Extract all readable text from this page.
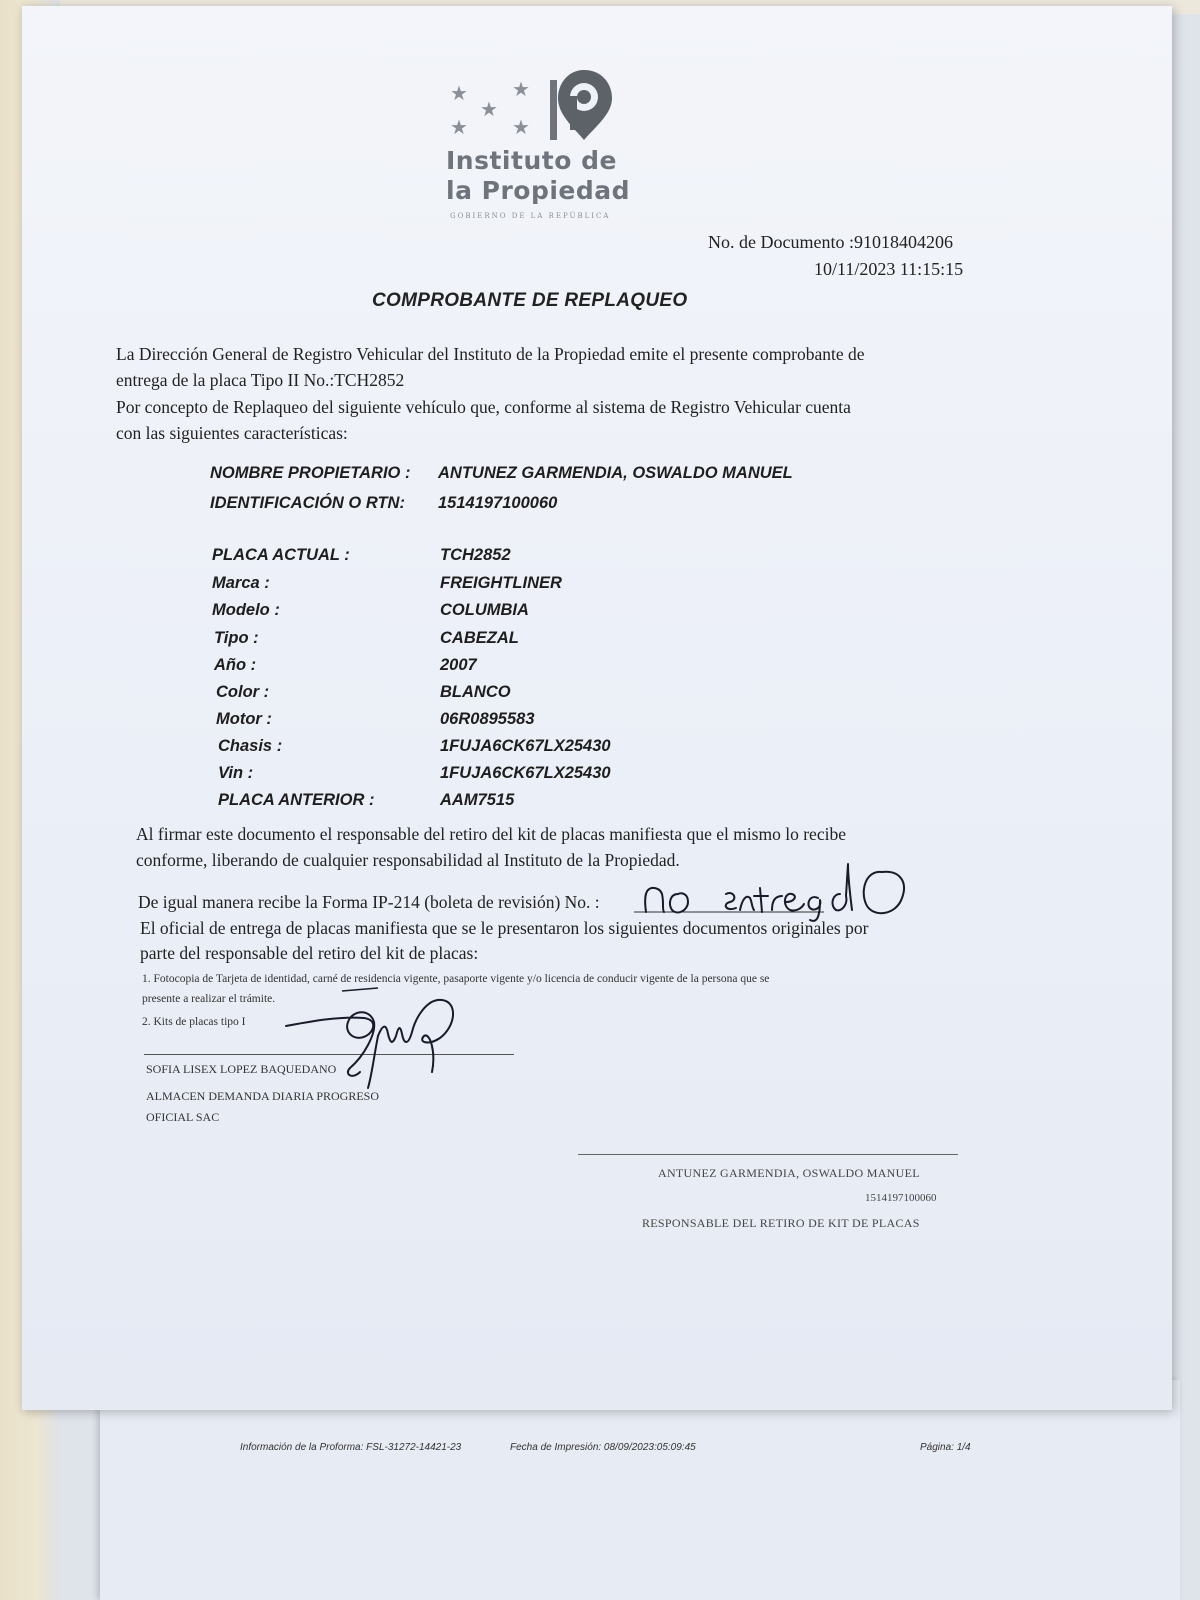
Información de la Proforma: FSL-31272-14421-23	Fecha de Impresión: 08/09/2023:05:09:45	Página: 1/4
★ ★
★
★ ★
Instituto de
la Propiedad
GOBIERNO DE LA REPÚBLICA
No. de Documento :91018404206
10/11/2023 11:15:15
COMPROBANTE DE REPLAQUEO
La Dirección General de Registro Vehicular del Instituto de la Propiedad emite el presente comprobante de
entrega de la placa Tipo II No.:TCH2852
Por concepto de Replaqueo del siguiente vehículo que, conforme al sistema de Registro Vehicular cuenta
con las siguientes características:
NOMBRE PROPIETARIO : ANTUNEZ GARMENDIA, OSWALDO MANUEL
IDENTIFICACIÓN O RTN: 1514197100060
PLACA ACTUAL :	TCH2852
Marca :	FREIGHTLINER
Modelo :	COLUMBIA
Tipo :	CABEZAL
Año :	2007
Color :	BLANCO
Motor :	06R0895583
Chasis :	1FUJA6CK67LX25430
Vin :	1FUJA6CK67LX25430
PLACA ANTERIOR :	AAM7515
Al firmar este documento el responsable del retiro del kit de placas manifiesta que el mismo lo recibe
conforme, liberando de cualquier responsabilidad al Instituto de la Propiedad.
De igual manera recibe la Forma IP-214 (boleta de revisión) No. :
El oficial de entrega de placas manifiesta que se le presentaron los siguientes documentos originales por
parte del responsable del retiro del kit de placas:
1. Fotocopia de Tarjeta de identidad, carné de residencia vigente, pasaporte vigente y/o licencia de conducir vigente de la persona que se
presente a realizar el trámite.
2. Kits de placas tipo I
SOFIA LISEX LOPEZ BAQUEDANO
ALMACEN DEMANDA DIARIA PROGRESO
OFICIAL SAC
ANTUNEZ GARMENDIA, OSWALDO MANUEL
1514197100060
RESPONSABLE DEL RETIRO DE KIT DE PLACAS
